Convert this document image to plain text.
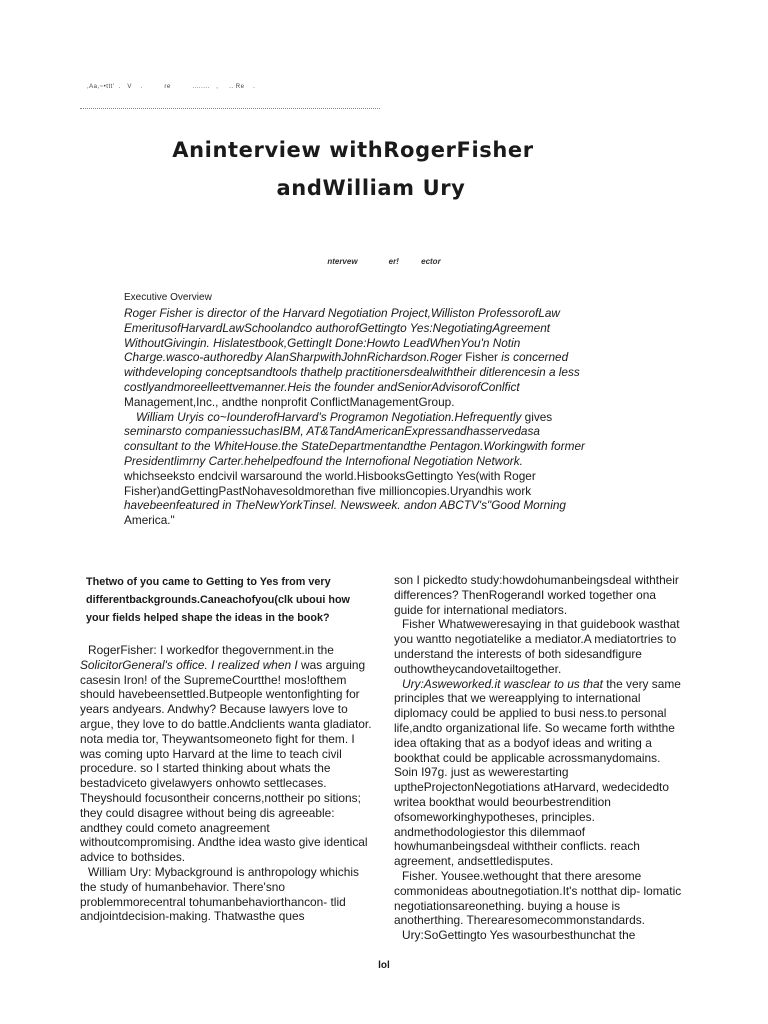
,Aa,~•ttt’  .   V    .          re          ........   ,     .. Re    .
Aninterview withRogerFisher
andWilliam Ury
ntervew              er!          ector
Executive Overview

Roger Fisher is director of the Harvard Negotiation Project,Williston ProfessorofLaw EmeritusofHarvardLawSchoolandco authorofGettingto Yes:NegotiatingAgreement WithoutGivingin. Hislatestbook,GettingIt Done:Howto LeadWhenYou'n Notin Charge.wasco-authoredby AlanSharpwithJohnRichardson.Roger Fisher is concerned withdeveloping conceptsandtools thathelp practitionersdealwiththeir ditlerencesin a less costlyandmoreelleettvemanner.Heis the founder andSeniorAdvisorofConlfict Management,Inc., andthe nonprofit ConflictManagementGroup.

William Uryis co~IounderofHarvard's Programon Negotiation.Hefrequently gives seminarsto companiessuchasIBM, AT&TandAmericanExpressandhasservedasa consultant to the WhiteHouse.the StateDepartmentandthe Pentagon.Workingwith former Presidentlimrny Carter.hehelpedfound the Internofional Negotiation Network. whichseeksto endcivil warsaround the world.HisbooksGettingto Yes(with Roger Fisher)andGettingPastNohavesoldmorethan five millioncopies.Uryandhis work havebeenfeatured in TheNewYorkTinsel. Newsweek. andon ABCTV's"Good Morning America."

Thetwo of you came to Getting to Yes from very differentbackgrounds.Caneachofyou(clk uboui how your fields helped shape the ideas in the book?

RogerFisher: I workedfor thegovernment.in the SolicitorGeneral's office. I realized when I was arguing casesin Iron! of the SupremeCourtthe! mos!ofthem should havebeensettled.Butpeople wentonfighting for years andyears. Andwhy? Because lawyers love to argue, they love to do battle.Andclients wanta gladiator. nota media tor, Theywantsomeoneto fight for them. I was coming upto Harvard at the lime to teach civil procedure. so I started thinking about whats the bestadviceto givelawyers onhowto settlecases. Theyshould focusontheir concerns,nottheir po sitions; they could disagree without being dis agreeable: andthey could cometo anagreement withoutcompromising. Andthe idea wasto give identical advice to bothsides.

William Ury: Mybackground is anthropology whichis the study of humanbehavior. There'sno problemmorecentral tohumanbehaviorthancon- tlid andjointdecision-making. Thatwasthe ques

son I pickedto study:howdohumanbeingsdeal withtheir differences? ThenRogerandI worked together ona guide for international mediators.

Fisher Whatweweresaying in that guidebook wasthat you wantto negotiatelike a mediator.A mediatortries to understand the interests of both sidesandfigure outhowtheycandovetailtogether.

Ury:Asweworked.it wasclear to us that the very same principles that we wereapplying to international diplomacy could be applied to busi ness.to personal life,andto organizational life. So wecame forth withthe idea oftaking that as a bodyof ideas and writing a bookthat could be applicable acrossmanydomains. Soin I97g. just as wewerestarting uptheProjectonNegotiations atHarvard, wedecidedto writea bookthat would beourbestrendition ofsomeworkinghypotheses, principles. andmethodologiestor this dilemmaof howhumanbeingsdeal withtheir conflicts. reach agreement, andsettledisputes.

Fisher. Yousee.wethought that there aresome commonideas aboutnegotiation.It's notthat dip- lomatic negotiationsareonething. buying a house is anotherthing. Therearesomecommonstandards.

Ury:SoGettingto Yes wasourbesthunchat the

lol
